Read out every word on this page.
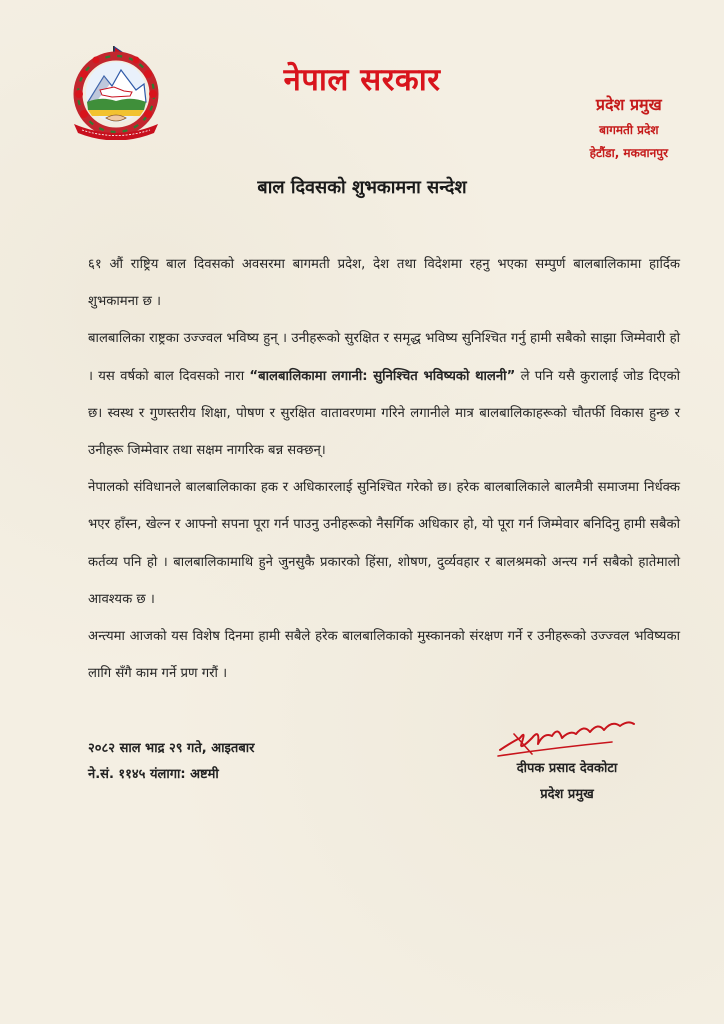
नेपाल सरकार
प्रदेश प्रमुख
बागमती प्रदेश
हेटौंडा, मकवानपुर
बाल दिवसको शुभकामना सन्देश

६१ औं राष्ट्रिय बाल दिवसको अवसरमा बागमती प्रदेश, देश तथा विदेशमा रहनु भएका सम्पुर्ण बालबालिकामा हार्दिक शुभकामना छ ।

बालबालिका राष्ट्रका उज्ज्वल भविष्य हुन् । उनीहरूको सुरक्षित र समृद्ध भविष्य सुनिश्चित गर्नु हामी सबैको साझा जिम्मेवारी हो । यस वर्षको बाल दिवसको नारा “बालबालिकामा लगानी: सुनिश्चित भविष्यको थालनी” ले पनि यसै कुरालाई जोड दिएको छ। स्वस्थ र गुणस्तरीय शिक्षा, पोषण र सुरक्षित वातावरणमा गरिने लगानीले मात्र बालबालिकाहरूको चौतर्फी विकास हुन्छ र उनीहरू जिम्मेवार तथा सक्षम नागरिक बन्न सक्छन्।

नेपालको संविधानले बालबालिकाका हक र अधिकारलाई सुनिश्चित गरेको छ। हरेक बालबालिकाले बालमैत्री समाजमा निर्धक्क भएर हाँस्न, खेल्न र आफ्नो सपना पूरा गर्न पाउनु उनीहरूको नैसर्गिक अधिकार हो, यो पूरा गर्न जिम्मेवार बनिदिनु हामी सबैको कर्तव्य पनि हो । बालबालिकामाथि हुने जुनसुकै प्रकारको हिंसा, शोषण, दुर्व्यवहार र बालश्रमको अन्त्य गर्न सबैको हातेमालो आवश्यक छ ।

अन्त्यमा आजको यस विशेष दिनमा हामी सबैले हरेक बालबालिकाको मुस्कानको संरक्षण गर्ने र उनीहरूको उज्ज्वल भविष्यका लागि सँगै काम गर्ने प्रण गरौं ।

२०८२ साल भाद्र २९ गते, आइतबार
ने.सं. ११४५ यंलागा: अष्टमी	दीपक प्रसाद देवकोटा
प्रदेश प्रमुख
